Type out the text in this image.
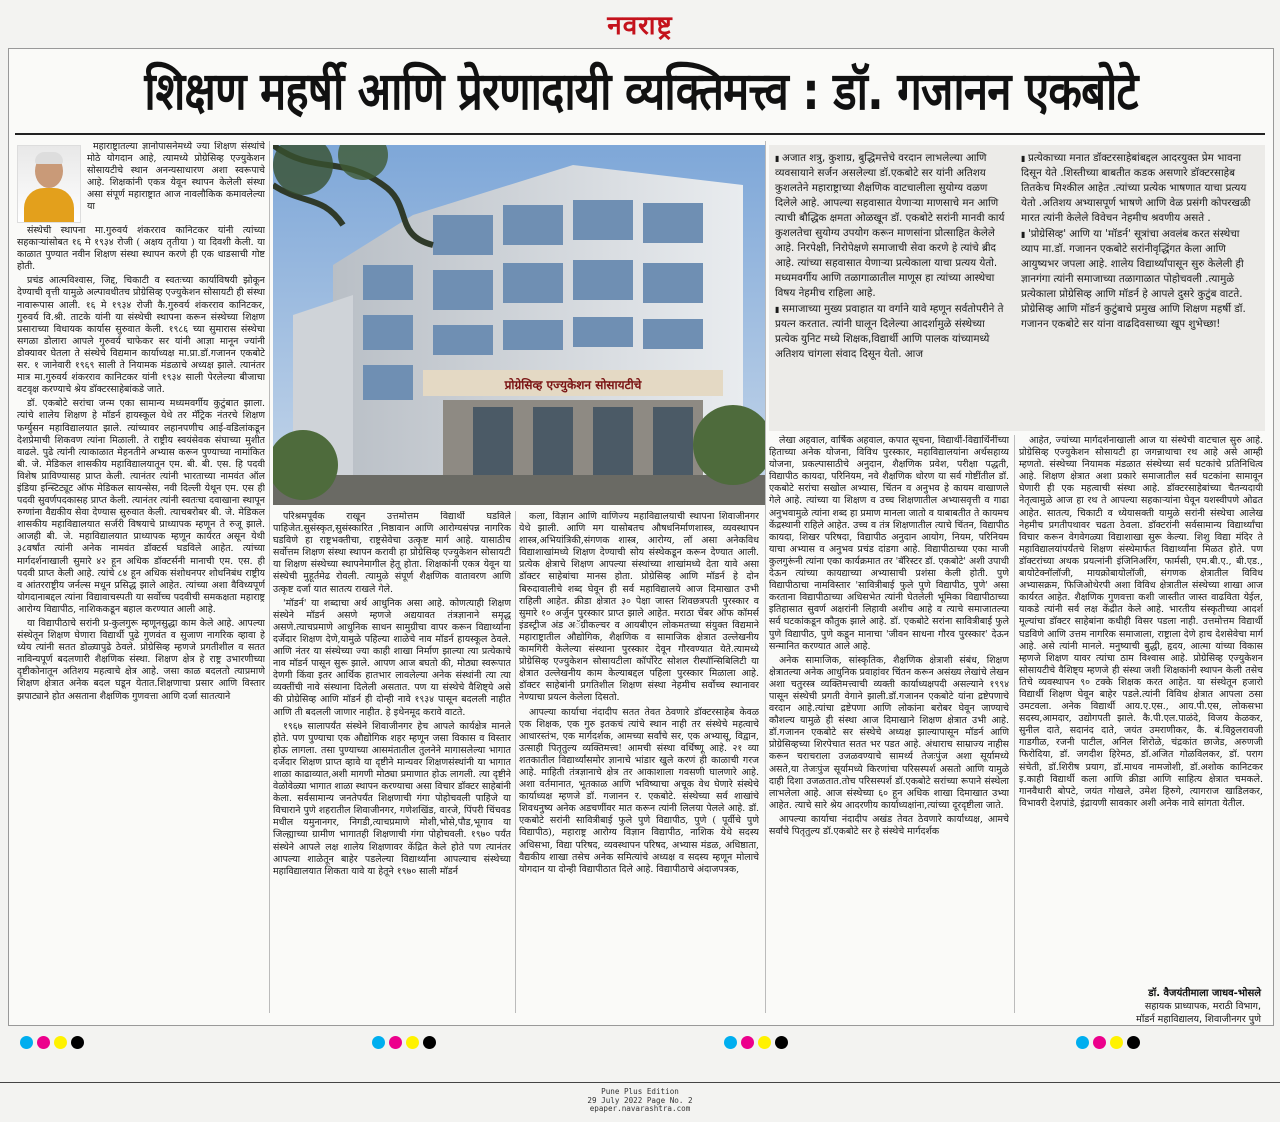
नवराष्ट्र
शिक्षण महर्षी आणि प्रेरणादायी व्यक्तिमत्त्व : डॉ. गजानन एकबोटे

महाराष्ट्रातल्या ज्ञानोपासनेमध्ये ज्या शिक्षण संस्थांचे मोठे योगदान आहे, त्यामध्ये प्रोग्रेसिव्ह एज्युकेशन सोसायटीचे स्थान अनन्यसाधारण अशा स्वरूपाचे आहे. शिक्षकांनी एकत्र येवून स्थापन केलेली संस्था असा संपूर्ण महाराष्ट्रात आज नावलौकिक कमावलेल्या या

संस्थेची स्थापना मा.गुरुवर्य शंकरराव कानिटकर यांनी त्यांच्या सहकाऱ्यांसोबत १६ मे १९३४ रोजी ( अक्षय तृतीया ) या दिवशी केली. या काळात पुण्यात नवीन शिक्षण संस्था स्थापन करणे ही एक धाडसाची गोष्ट होती.

प्रचंड आत्मविश्वास, जिद्द, चिकाटी व स्वतःच्या कार्याविषयी झोकून देण्याची वृत्ती यामुळे अल्पावधीतच प्रोग्रेसिव्ह एज्युकेशन सोसायटी ही संस्था नावारूपास आली. १६ मे १९३४ रोजी कै.गुरुवर्य शंकरराव कानिटकर, गुरुवर्य वि.श्री. ताटके यांनी या संस्थेची स्थापना करून संस्थेच्या शिक्षण प्रसाराच्या विधायक कार्यास सुरुवात केली. १९८६ च्या सुमारास संस्थेचा सगळा डोलारा आपले गुरुवर्य चाफेकर सर यांनी आज्ञा मानून ज्यांनी डोक्यावर घेतला ते संस्थेचे विद्यमान कार्याध्यक्ष मा.प्रा.डॉ.गजानन एकबोटे सर. १ जानेवारी १९६९ साली ते नियामक मंडळाचे अध्यक्ष झाले. त्यानंतर मात्र मा.गुरुवर्य शंकरराव कानिटकर यांनी १९३४ साली पेरलेल्या बीजाचा वटवृक्ष करण्याचे श्रेय डॉक्टरसाहेबांकडे जाते.

डॉ. एकबोटे सरांचा जन्म एका सामान्य मध्यमवर्गीय कुटुंबात झाला. त्यांचे शालेय शिक्षण हे मॉडर्न हायस्कूल येथे तर मॅट्रिक नंतरचे शिक्षण फर्ग्युसन महाविद्यालयात झाले. त्यांच्यावर लहानपणीच आई-वडिलांकडून देशप्रेमाची शिकवण त्यांना मिळाली. ते राष्ट्रीय स्वयंसेवक संघाच्या मुशीत वाढले. पुढे त्यांनी त्याकाळात मेहनतीने अभ्यास करून पुण्याच्या नामांकित बी. जे. मेडिकल शासकीय महाविद्यालयातून एम. बी. बी. एस. हि पदवी विशेष प्राविण्यासह प्राप्त केली. त्यानंतर त्यांनी भारताच्या नामवंत ऑल इंडिया इन्स्टिट्यूट ऑफ मेडिकल सायन्सेस, नवी दिल्ली येथून एम. एस ही पदवी सुवर्णपदकासह प्राप्त केली. त्यानंतर त्यांनी स्वतःचा दवाखाना स्थापून रुग्णांना वैद्यकीय सेवा देण्यास सुरुवात केली. त्याचबरोबर बी. जे. मेडिकल शासकीय महाविद्यालयात सर्जरी विषयाचे प्राध्यापक म्हणून ते रुजू झाले. आजही बी. जे. महाविद्यालयात प्राध्यापक म्हणून कार्यरत असून येथी ३८वर्षांत त्यांनी अनेक नामवंत डॉक्टर्स घडविले आहेत. त्यांच्या मार्गदर्शनाखाली सुमारे ४२ हून अधिक डॉक्टर्सनी मानाची एम. एस. ही पदवी प्राप्त केली आहे. त्यांचे ८४ हून अधिक संशोधनपर शोधनिबंध राष्ट्रीय व आंतरराष्ट्रीय जर्नल्स मधून प्रसिद्ध झाले आहेत. त्यांच्या अशा वैविध्यपूर्ण योगदानाबद्दल त्यांना विद्यावाचस्पती या सर्वोच्च पदवीची समकक्षता महाराष्ट्र आरोग्य विद्यापीठ, नाशिककडून बहाल करण्यात आली आहे.

या विद्यापीठाचे सरांनी प्र-कुलगुरू म्हणूनसुद्धा काम केले आहे. आपल्या संस्थेतून शिक्षण घेणारा विद्यार्थी पुढे गुणवंत व सुजाण नागरिक व्हावा हे ध्येय त्यांनी सतत डोळ्यापुढे ठेवले. प्रोग्रेसिव्ह म्हणजे प्रगतीशील व सतत नाविन्यपूर्ण बदलणारी शैक्षणिक संस्था. शिक्षण क्षेत्र हे राष्ट्र उभारणीच्या दृष्टीकोनातून अतिशय महत्वाचे क्षेत्र आहे. जसा काळ बदलतो त्याप्रमाणे शिक्षण क्षेत्रात अनेक बदल घडून येतात.शिक्षणाचा प्रसार आणि विस्तार झपाट्याने होत असताना शैक्षणिक गुणवत्ता आणि दर्जा सातत्याने

प्रोग्रेसिव्ह एज्युकेशन सोसायटीचे

परिश्रमपूर्वक राखून उत्तमोत्तम विद्यार्थी घडविले पाहिजेत.सुसंस्कृत,सुसंस्कारित ,निष्ठावान आणि आरोग्यसंपन्न नागरिक घडविणे हा राष्ट्रभक्तीचा, राष्ट्रसेवेचा उत्कृष्ट मार्ग आहे. यासाठीच सर्वोत्तम शिक्षण संस्था स्थापन करावी हा प्रोग्रेसिव्ह एज्युकेशन सोसायटी या शिक्षण संस्थेच्या स्थापनेमागील हेतू होता. शिक्षकांनी एकत्र येवून या संस्थेची मुहूर्तमेढ रोवली. त्यामुळे संपूर्ण शैक्षणिक वातावरण आणि उत्कृष्ट दर्जा यात सातत्य राखले गेले.

'मॉडर्न' या शब्दाचा अर्थ आधुनिक असा आहे. कोणत्याही शिक्षण संस्थेने मॉडर्न असणे म्हणजे अद्ययावत तंत्रज्ञानाने समृद्ध असणे.त्याचप्रमाणे आधुनिक साधन सामुग्रीचा वापर करून विद्यार्थ्यांना दर्जेदार शिक्षण देणे,यामुळे पहिल्या शाळेचे नाव मॉडर्न हायस्कूल ठेवले. आणि नंतर या संस्थेच्या ज्या काही शाखा निर्माण झाल्या त्या प्रत्येकाचे नाव मॉडर्न पासून सुरू झाले. आपण आज बघतो की, मोठ्या स्वरूपात देणगी किंवा इतर आर्थिक हातभार लावलेल्या अनेक संस्थांनी त्या त्या व्यक्तींची नावे संस्थाना दिलेली असतात. पण या संस्थेचे वैशिष्ट्ये असे की प्रोग्रेसिव्ह आणि मॉडर्न ही दोन्ही नावे १९३४ पासून बदलली नाहीत आणि ती बदलली जाणार नाहीत. हे इथेनमूद करावे वाटते.

१९६७ सालापर्यंत संस्थेने शिवाजीनगर हेच आपले कार्यक्षेत्र मानले होते. पण पुण्याचा एक औद्योगिक शहर म्हणून जसा विकास व विस्तार होऊ लागला. तसा पुण्याच्या आसमंतातील तुलनेने मागासलेल्या भागात दर्जेदार शिक्षण प्राप्त व्हावे या दृष्टीने मान्यवर शिक्षणसंस्थांनी या भागात शाळा काढाव्यात,अशी मागणी मोठ्या प्रमाणात होऊ लागली. त्या दृष्टीने वेळोवेळ्या भागात शाळा स्थापन करण्याचा असा विचार डॉक्टर साहेबांनी केला. सर्वसामान्य जनतेपर्यंत शिक्षणाची गंगा पोहोचवली पाहिजे या विचाराने पुणे शहरातील शिवाजीनगर, गणेशखिंड, वारजे, पिंपरी चिंचवड मधील यमुनानगर, निगडी,त्याचप्रमाणे मोशी,भोसे,पौड,भूगाव या जिल्ह्याच्या ग्रामीण भागातही शिक्षणाची गंगा पोहोचवली. १९७० पर्यंत संस्थेने आपले लक्ष शालेय शिक्षणावर केंद्रित केले होते पण त्यानंतर आपल्या शाळेतून बाहेर पडलेल्या विद्यार्थ्यांना आपल्याच संस्थेच्या महाविद्यालयात शिकता यावे या हेतूने १९७० साली मॉडर्न

कला, विज्ञान आणि वाणिज्य महाविद्यालयाची स्थापना शिवाजीनगर येथे झाली. आणि मग यासोबतच औषधनिर्माणशास्त्र, व्यवस्थापन शास्त्र,अभियांत्रिकी,संगणक शास्त्र, आरोग्य, लॉ असा अनेकविध विद्याशाखांमध्ये शिक्षण देण्याची सोय संस्थेकडून करून देण्यात आली. प्रत्येक क्षेत्राचे शिक्षण आपल्या संस्थांच्या शाखांमध्ये देता यावे असा डॉक्टर साहेबांचा मानस होता. प्रोग्रेसिव्ह आणि मॉडर्न हे दोन बिरुदावालीचे शब्द घेवून ही सर्व महाविद्यालये आज दिमाखात उभी राहिली आहेत. क्रीडा क्षेत्रात ३० पेक्षा जास्त शिवछत्रपती पुरस्कार व सुमारे १० अर्जुन पुरस्कार प्राप्त झाले आहेत. मराठा चेंबर ऑफ कॉमर्स इंडस्ट्रीज अंड अॅग्रीकल्चर व आयबीएन लोकमतच्या संयुक्त विद्यमाने महाराष्ट्रातील औद्योगिक, शैक्षणिक व सामाजिक क्षेत्रात उल्लेखनीय कामगिरी केलेल्या संस्थाना पुरस्कार देवून गौरवण्यात येते.त्यामध्ये प्रोग्रेसिव्ह एज्युकेशन सोसायटीला कॉर्पोरेट सोशल रीस्पॉन्सिबिलिटी या क्षेत्रात उल्लेखनीय काम केल्याबद्दल पहिला पुरस्कार मिळाला आहे. डॉक्टर साहेबांनी प्रगतिशील शिक्षण संस्था नेहमीच सर्वोच्च स्थानावर नेण्याचा प्रयत्न केलेला दिसतो.

आपल्या कार्याचा नंदादीप सतत तेवत ठेवणारे डॉक्टरसाहेब केवळ एक शिक्षक, एक गुरु इतकचं त्यांचे स्थान नाही तर संस्थेचे महत्वाचे आधारस्तंभ, एक मार्गदर्शक, आमच्या सर्वांचे सर, एक अभ्यासू, विद्वान, उत्साही पितृतुल्य व्यक्तिमत्त्व! आमची संस्था वर्धिष्णू आहे. २१ व्या शतकातील विद्यार्थ्यांसमोर ज्ञानाचे भांडार खुले करणं ही काळाची गरज आहे. माहिती तंत्रज्ञानाचे क्षेत्र तर आकाशाला गवसणी घालणारे आहे. अशा वर्तमानात, भूतकाळ आणि भविष्याचा अचूक वेध घेणारे संस्थेचे कार्याध्यक्ष म्हणजे डॉ. गजानन र. एकबोटे. संस्थेच्या सर्व शाखांचे शिवधनुष्य अनेक अडचणींवर मात करून त्यांनी लिलया पेलले आहे. डॉ. एकबोटे सरांनी सावित्रीबाई फुले पुणे विद्यापीठ, पुणे ( पूर्वीचे पुणे विद्यापीठ), महाराष्ट्र आरोग्य विज्ञान विद्यापीठ, नाशिक येथे सदस्य अधिसभा, विद्या परिषद, व्यवस्थापन परिषद, अभ्यास मंडळ, अधिष्ठाता, वैद्यकीय शाखा तसेच अनेक समित्यांचे अध्यक्ष व सदस्य म्हणून मोलाचे योगदान या दोन्ही विद्यापीठात दिले आहे. विद्यापीठाचे अंदाजपत्रक,

▮ अजात शत्रु, कुशाग्र, बुद्धिमत्तेचे वरदान लाभलेल्या आणि व्यवसायाने सर्जन असलेल्या डॉ.एकबोटे सर यांनी अतिशय कुशलतेने महाराष्ट्राच्या शैक्षणिक वाटचालीला सुयोग्य वळण दिलेले आहे. आपल्या सहवासात येणाऱ्या माणसाचे मन आणि त्याची बौद्धिक क्षमता ओळखून डॉ. एकबोटे सरांनी मानवी कार्य कुशलतेचा सुयोग्य उपयोग करून माणसांना प्रोत्साहित केलेले आहे. निरपेक्षी, निरोपेक्षणे समाजाची सेवा करणे हे त्यांचे ब्रीद आहे. त्यांच्या सहवासात येणाऱ्या प्रत्येकाला याचा प्रत्यय येतो. मध्यमवर्गीय आणि तळागाळातील माणूस हा त्यांच्या आस्थेचा विषय नेहमीच राहिला आहे.

▮ समाजाच्या मुख्य प्रवाहात या वर्गाने यावे म्हणून सर्वतोपरीने ते प्रयत्न करतात. त्यांनी घालून दिलेल्या आदर्शामुळे संस्थेच्या प्रत्येक युनिट मध्ये शिक्षक,विद्यार्थी आणि पालक यांच्यामध्ये अतिशय चांगला संवाद दिसून येतो. आज

▮ प्रत्येकाच्या मनात डॉक्टरसाहेबांबद्दल आदरयुक्त प्रेम भावना दिसून येते .शिस्तीच्या बाबतीत कडक असणारे डॉक्टरसाहेब तितकेच मिश्कील आहेत .त्यांच्या प्रत्येक भाषणात याचा प्रत्यय येतो .अतिशय अभ्यासपूर्ण भाषणे आणि वेळ प्रसंगी कोपरखळी मारत त्यांनी केलेले विवेचन नेहमीच श्रवणीय असते .

▮ 'प्रोग्रेसिव्ह' आणि या 'मॉडर्न' सूत्रांचा अवलंब करत संस्थेचा व्याप मा.डॉ. गजानन एकबोटे सरांनीवृद्धिंगत केला आणि आयुष्यभर जपला आहे. शालेय विद्यार्थ्यांपासून सुरु केलेली ही ज्ञानगंगा त्यांनी समाजाच्या तळागाळात पोहोचवली .त्यामुळे प्रत्येकाला प्रोग्रेसिव्ह आणि मॉडर्न हे आपले दुसरे कुटुंब वाटते. प्रोग्रेसिव्ह आणि मॉडर्न कुटुंबाचे प्रमुख आणि शिक्षण महर्षी डॉ. गजानन एकबोटे सर यांना वाढदिवसाच्या खूप शुभेच्छा!

लेखा अहवाल, वार्षिक अहवाल, कपात सूचना, विद्यार्थी-विद्यार्थिनींच्या हिताच्या अनेक योजना, विविध पुरस्कार, महाविद्यालयांना अर्थसहाय्य योजना, प्रकल्पासाठीचे अनुदान, शैक्षणिक प्रवेश, परीक्षा पद्धती, विद्यापीठ कायदा, परिनियम, नवे शैक्षणिक धोरण या सर्व गोष्टींतील डॉ. एकबोटे सरांचा सखोल अभ्यास, चिंतन व अनुभव हे कायम वाखाणले गेले आहे. त्यांच्या या शिक्षण व उच्च शिक्षणातील अभ्यासवृत्ती व गाढा अनुभवामुळे त्यांना शब्द हा प्रमाण मानला जातो व याबाबतीत ते कायमच केंद्रस्थानी राहिले आहेत. उच्च व तंत्र शिक्षणातील त्याचे चिंतन, विद्यापीठ कायदा, शिखर परिषदा, विद्यापीठ अनुदान आयोग, नियम, परिनियम याचा अभ्यास व अनुभव प्रचंड दांडगा आहे. विद्यापीठाच्या एका माजी कुलगुरूंनी त्यांना एका कार्यक्रमात तर 'बॅरिस्टर डॉ. एकबोटे' अशी उपाधी देऊन त्यांच्या कायद्याच्या अभ्यासाची प्रशंसा केली होती. पुणे विद्यापीठाचा नामविस्तार 'सावित्रीबाई फुले पुणे विद्यापीठ, पुणे' असा करताना विद्यापीठाच्या अधिसभेत त्यांनी घेतलेली भूमिका विद्यापीठाच्या इतिहासात सुवर्ण अक्षरांनी लिहावी अशीच आहे व त्याचे समाजातल्या सर्व घटकांकडून कौतुक झाले आहे. डॉ. एकबोटे सरांना सावित्रीबाई फुले पुणे विद्यापीठ, पुणे कडून मानाचा 'जीवन साधना गौरव पुरस्कार' देऊन सन्मानित करण्यात आले आहे.

अनेक सामाजिक, सांस्कृतिक, शैक्षणिक क्षेत्राशी संबंध, शिक्षण क्षेत्रातल्या अनेक आधुनिक प्रवाहांवर चिंतन करून असंख्य लेखांचे लेखन अशा चतुरस्त्र व्यक्तिमत्त्वाची व्यक्ती कार्याध्यक्षपदी असल्याने १९९४ पासून संस्थेची प्रगती वेगाने झाली.डॉ.गजानन एकबोटे यांना द्रष्टेपणाचे वरदान आहे.त्यांचा द्रष्टेपणा आणि लोकांना बरोबर घेवून जाण्याचे कौशल्य यामुळे ही संस्था आज दिमाखाने शिक्षण क्षेत्रात उभी आहे. डॉ.गजानन एकबोटे सर संस्थेचे अध्यक्ष झाल्यापासून मॉडर्न आणि प्रोग्रेसिव्हच्या शिरपेचात सतत भर पडत आहे. अंधाराच साम्राज्य नाहीस करून चराचराला उजळवण्याचे सामर्थ्य तेजःपुंज अशा सूर्यामध्ये असते,या तेजःपुंज सूर्यामध्ये किरणांचा परिसस्पर्श असतो आणि यामुळे दाही दिशा उजळतात.तोच परिसस्पर्श डॉ.एकबोटे सरांच्या रूपाने संस्थेला लाभलेला आहे. आज संस्थेच्या ६० हून अधिक शाखा दिमाखात उभ्या आहेत. त्याचे सारे श्रेय आदरणीय कार्याध्यक्षांना,त्यांच्या दूरदृष्टीला जाते.

आपल्या कार्याचा नंदादीप अखंड तेवत ठेवणारे कार्याध्यक्ष, आमचे सर्वांचे पितृतुल्य डॉ.एकबोटे सर हे संस्थेचे मार्गदर्शक

आहेत, ज्यांच्या मार्गदर्शनाखाली आज या संस्थेची वाटचाल सुरु आहे. प्रोग्रेसिव्ह एज्युकेशन सोसायटी हा जगन्नाथाचा रथ आहे असे आम्ही म्हणतो. संस्थेच्या नियामक मंडळात संस्थेच्या सर्व घटकांचे प्रतिनिधित्व आहे. शिक्षण क्षेत्रात अशा प्रकारे समाजातील सर्व घटकांना सामावून घेणारी ही एक महत्वाची संस्था आहे. डॉक्टरसाहेबांच्या चैतन्यदायी नेतृत्वामुळे आज हा रथ ते आपल्या सहकाऱ्यांना घेवून यशस्वीपणे ओढत आहेत. सातत्य, चिकाटी व ध्येयासक्ती यामुळे सरांनी संस्थेचा आलेख नेहमीच प्रगतीपथावर चढता ठेवला. डॉक्टरांनी सर्वसामान्य विद्यार्थ्यांचा विचार करून वेगवेगळ्या विद्याशाखा सुरू केल्या. शिशु विद्या मंदिर ते महाविद्यालयांपर्यंतचे शिक्षण संस्थेमार्फत विद्यार्थ्यांना मिळत होते. पण डॉक्टरांच्या अथक प्रयत्नांनी इंजिनिअरिंग, फार्मसी, एम.बी.ए., बी.एड., बायोटेक्नॉलॉजी, मायक्रोबायोलॉजी, संगणक क्षेत्रातील विविध अभ्यासक्रम, फिजिओथेरपी अशा विविध क्षेत्रातील संस्थेच्या शाखा आज कार्यरत आहेत. शैक्षणिक गुणवत्ता कशी जास्तीत जास्त वाढविता येईल, याकडे त्यांनी सर्व लक्ष केंद्रीत केले आहे. भारतीय संस्कृतीच्या आदर्श मूल्यांचा डॉक्टर साहेबांना कधीही विसर पडला नाही. उत्तमोत्तम विद्यार्थी घडविणे आणि उत्तम नागरिक समाजाला, राष्ट्राला देणे हाच देशसेवेचा मार्ग आहे. असे त्यांनी मानले. मनुष्याची बुद्धी, हृदय, आत्मा यांच्या विकास म्हणजे शिक्षण यावर त्यांचा ठाम विश्वास आहे. प्रोग्रेसिव्ह एज्युकेशन सोसायटीचे वैशिष्ट्य म्हणजे ही संस्था जशी शिक्षकांनी स्थापन केली तसेच तिचे व्यवस्थापन ९० टक्के शिक्षक करत आहेत. या संस्थेतून हजारो विद्यार्थी शिक्षण घेवून बाहेर पडले.त्यांनी विविध क्षेत्रात आपला ठसा उमटवला. अनेक विद्यार्थी आय.ए.एस., आय.पी.एस, लोकसभा सदस्य,आमदार, उद्योगपती झाले. कै.पी.एल.पाळंदे, विजय केळकर, सुनील दाते, सदानंद दाते, जयंत उमराणीकर, कै. बं.विठ्ठलरावजी गाडगीळ, रजनी पाटील, अनिल शिरोळे, चंद्रकांत छाजेड, अरुणजी फिरोदिया, डॉ. जगदीश हिरेमठ, डॉ.अजित गोळविलकर, डॉ. पराग संचेती, डॉ.शिरीष प्रयाग, डॉ.माधव नामजोशी, डॉ.अशोक कानिटकर इ.काही विद्यार्थी कला आणि क्रीडा आणि साहित्य क्षेत्रात चमकले. गानवैधारी बोपटे, जयंत गोखले, उमेश हिरुगे, त्यागराज खाडिलकर, विभावरी देशपांडे, इंद्रायणी सावकार अशी अनेक नावे सांगता येतील.

डॉ. वैजयंतीमाला जाधव-भोसले
सहायक प्राध्यापक, मराठी विभाग,
मॉडर्न महाविद्यालय, शिवाजीनगर पुणे
Pune Plus Edition
29 July 2022 Page No. 2
epaper.navarashtra.com
